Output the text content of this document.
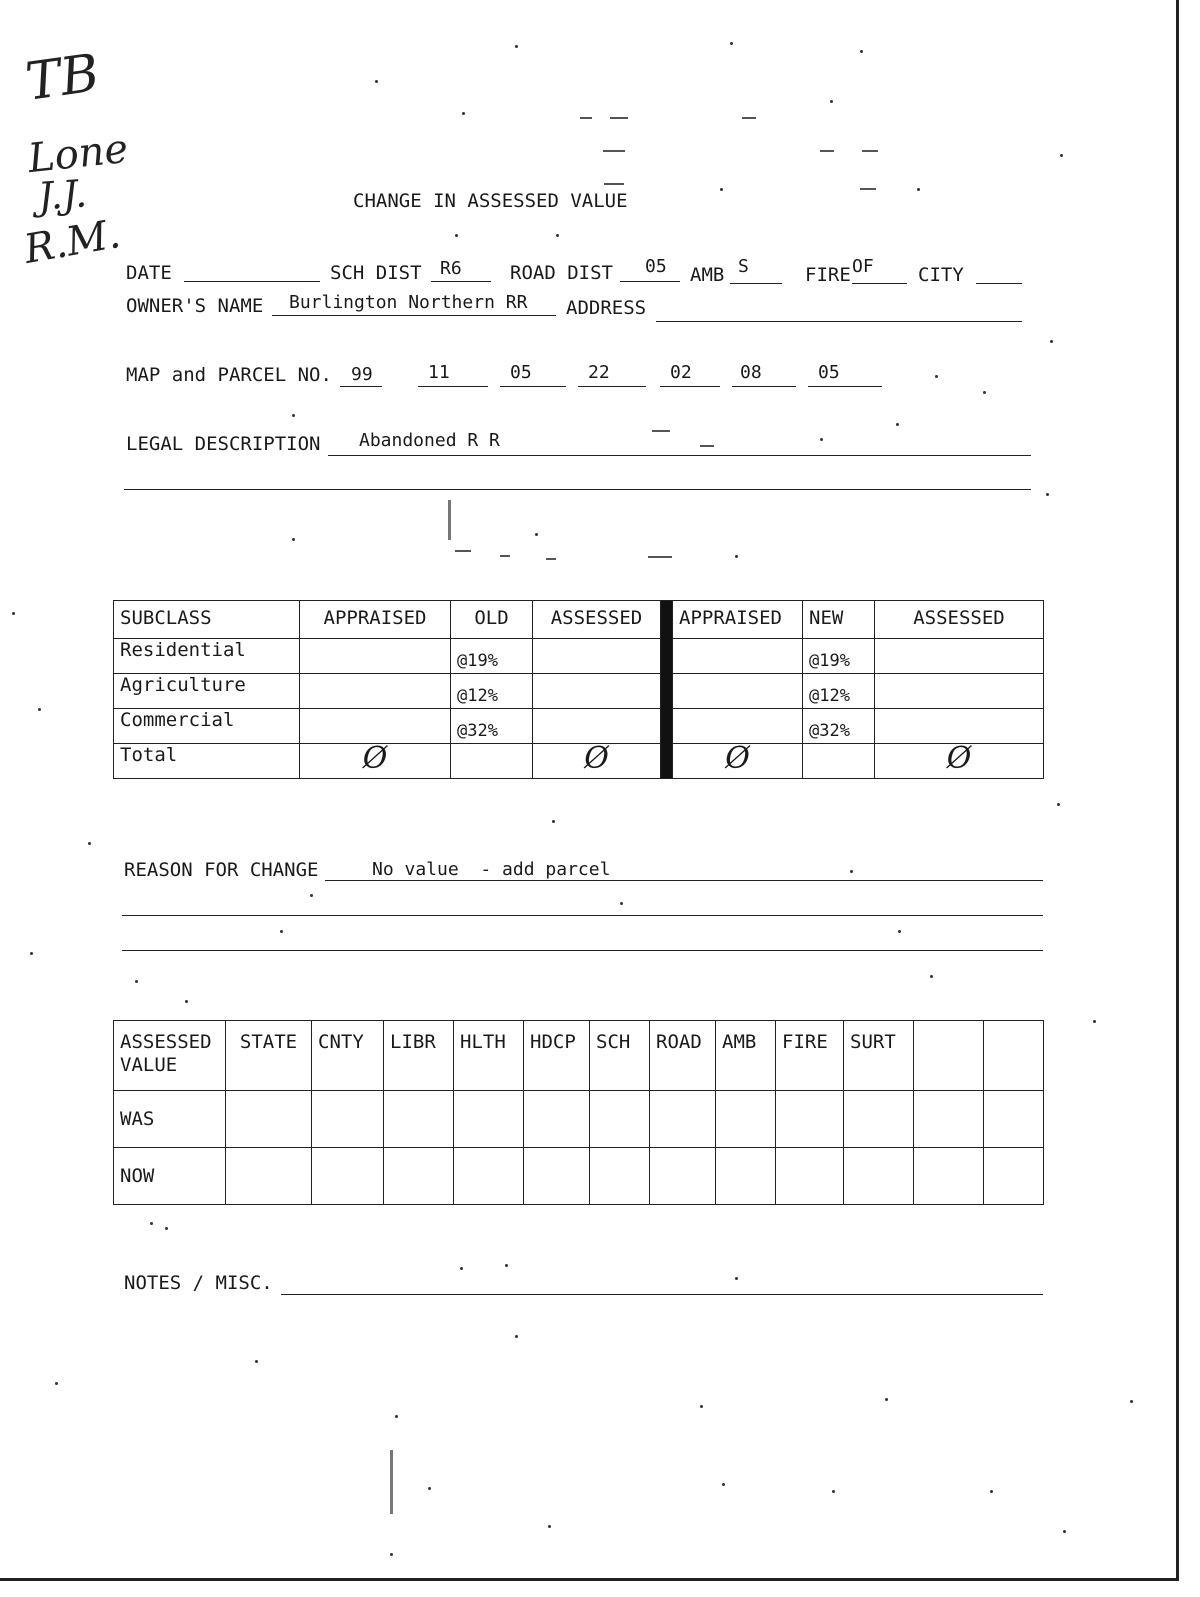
TB
Lone
J.J.
R.M.
CHANGE IN ASSESSED VALUE
DATE	SCH DIST R6	ROAD DIST 05 AMB S	FIRE OF CITY
OWNER'S NAME Burlington Northern RR ADDRESS
MAP and PARCEL NO. 99	11	05	22	02	08	05
LEGAL DESCRIPTION Abandoned R R
SUBCLASS	APPRAISED	OLD	ASSESSED		APPRAISED	NEW	ASSESSED
Residential		@19%				@19%	
Agriculture		@12%				@12%	
Commercial		@32%				@32%	
Total	Ø		Ø		Ø		Ø
REASON FOR CHANGE	No value  - add parcel
ASSESSED
VALUE	STATE	CNTY	LIBR	HLTH	HDCP	SCH	ROAD	AMB	FIRE	SURT		
WAS												
NOW												
NOTES / MISC.
